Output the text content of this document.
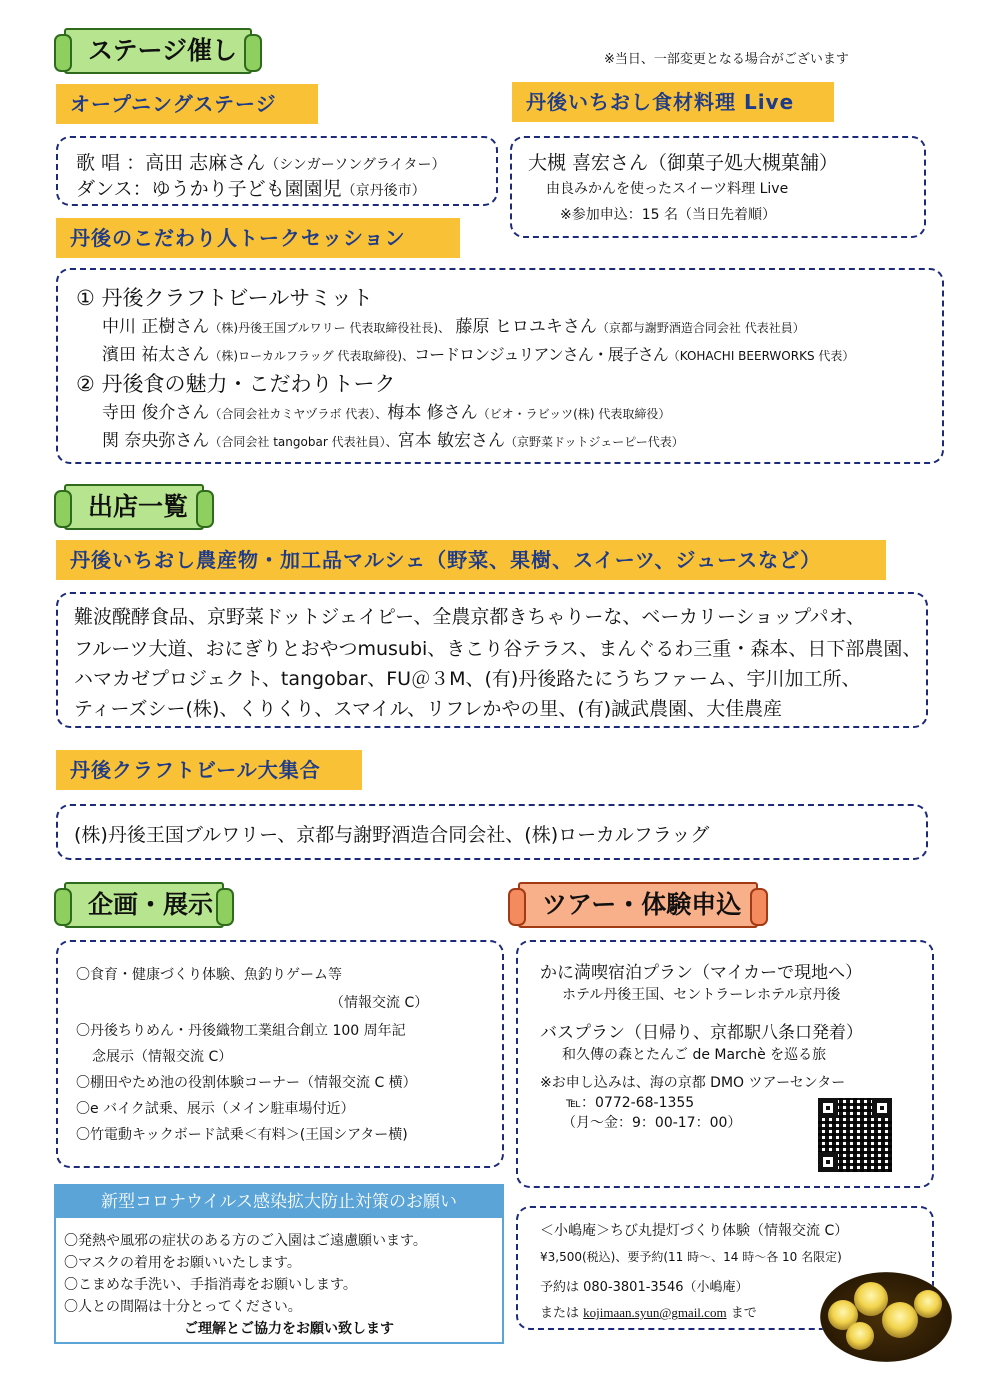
ステージ催し	※当日、一部変更となる場合がございます
オープニングステージ	丹後いちおし食材料理 Live
歌 唱 ：高田 志麻さん（シンガーソングライター）
ダンス：ゆうかり子ども園園児（京丹後市）
大槻 喜宏さん（御菓子処大槻菓舗）
由良みかんを使ったスイーツ料理 Live
※参加申込：15 名（当日先着順）
丹後のこだわり人トークセッション
① 丹後クラフトビールサミット
中川 正樹さん（株)丹後王国ブルワリー 代表取締役社長)、 藤原 ヒロユキさん（京都与謝野酒造合同会社 代表社員）
濱田 祐太さん（株)ローカルフラッグ 代表取締役)、コードロンジュリアンさん・展子さん（KOHACHI BEERWORKS 代表）
② 丹後食の魅力・こだわりトーク
寺田 俊介さん（合同会社カミヤヅラボ 代表）、梅本 修さん（ビオ・ラビッツ(株) 代表取締役）
関 奈央弥さん（合同会社 tangobar 代表社員）、宮本 敏宏さん（京野菜ドットジェーピー代表）
出店一覧
丹後いちおし農産物・加工品マルシェ（野菜、果樹、スイーツ、ジュースなど）
難波醗酵食品、京野菜ドットジェイピー、全農京都きちゃりーな、ベーカリーショップパオ、
フルーツ大道、おにぎりとおやつmusubi、きこり谷テラス、まんぐるわ三重・森本、日下部農園、
ハマカゼプロジェクト、tangobar、FU＠３M、(有)丹後路たにうちファーム、宇川加工所、
ティーズシー(株)、くりくり、スマイル、リフレかやの里、(有)誠武農園、大佳農産
丹後クラフトビール大集合
(株)丹後王国ブルワリー、京都与謝野酒造合同会社、(株)ローカルフラッグ
企画・展示
〇食育・健康づくり体験、魚釣りゲーム等
（情報交流 C）
〇丹後ちりめん・丹後織物工業組合創立 100 周年記
念展示（情報交流 C）
〇棚田やため池の役割体験コーナー（情報交流 C 横）
〇e バイク試乗、展示（メイン駐車場付近）
〇竹電動キックボード試乗＜有料＞(王国シアター横)
ツアー・体験申込
かに満喫宿泊プラン（マイカーで現地へ）
ホテル丹後王国、セントラーレホテル京丹後
バスプラン（日帰り、京都駅八条口発着）
和久傳の森とたんご de Marchè を巡る旅
※お申し込みは、海の京都 DMO ツアーセンター
℡：0772-68-1355
（月～金：9：00-17：00）
新型コロナウイルス感染拡大防止対策のお願い
〇発熱や風邪の症状のある方のご入園はご遠慮願います。
〇マスクの着用をお願いいたします。
〇こまめな手洗い、手指消毒をお願いします。
〇人との間隔は十分とってください。
ご理解とご協力をお願い致します
＜小嶋庵＞ちび丸提灯づくり体験（情報交流 C）
¥3,500(税込)、要予約(11 時～、14 時～各 10 名限定)
予約は 080-3801-3546（小嶋庵）
または kojimaan.syun@gmail.com まで
